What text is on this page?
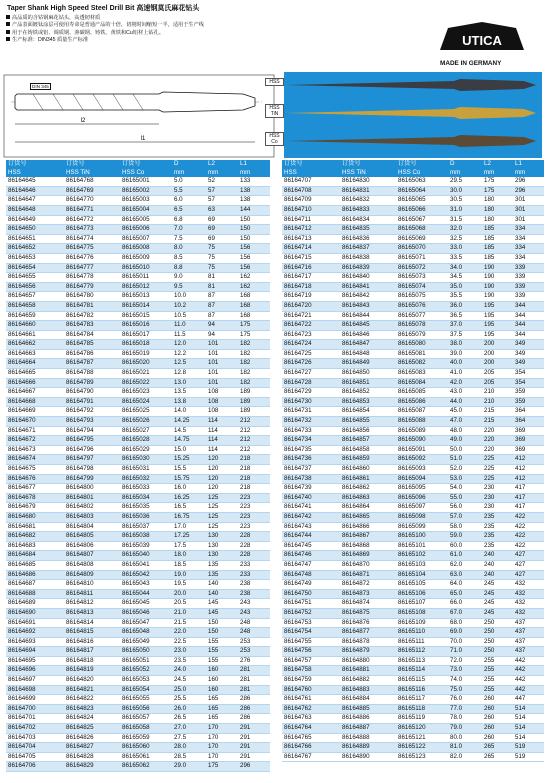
Taper Shank High Speed Steel Drill Bit 高速钢莫氏麻花钻头
高品质的含钴钢麻花钻头，高透韧材质
产品表面镀钛涂层可使用寿命是普通产品的十倍，切削时间缩短一半，适用于生产线
用于在铸铁或铝、调质钢、渗碳钢、铸铁、黄铁和Cu铝材上钻孔。
生产标准：DIN345 质量生产标准	UTICA
MADE IN GERMANY
l2
l1
DIN 345
HSS
HSS TiN
HSS Co
订货号	订货号	订货号	D	L2	L1
HSS	HSS TiN	HSS Co	mm	mm	mm
86164645	86164768	86165001	5.0	52	133
86164646	86164769	86165002	5.5	57	138
86164647	86164770	86165003	6.0	57	138
86164648	86164771	86165004	6.5	63	144
86164649	86164772	86165005	6.8	69	150
86164650	86164773	86165006	7.0	69	150
86164651	86164774	86165007	7.5	69	150
86164652	86164775	86165008	8.0	75	156
86164653	86164776	86165009	8.5	75	156
86164654	86164777	86165010	8.8	75	156
86164655	86164778	86165011	9.0	81	162
86164656	86164779	86165012	9.5	81	162
86164657	86164780	86165013	10.0	87	168
86164658	86164781	86165014	10.2	87	168
86164659	86164782	86165015	10.5	87	168
86164660	86164783	86165016	11.0	94	175
86164661	86164784	86165017	11.5	94	175
86164662	86164785	86165018	12.0	101	182
86164663	86164786	86165019	12.2	101	182
86164664	86164787	86165020	12.5	101	182
86164665	86164788	86165021	12.8	101	182
86164666	86164789	86165022	13.0	101	182
86164667	86164790	86165023	13.5	108	189
86164668	86164791	86165024	13.8	108	189
86164669	86164792	86165025	14.0	108	189
86164670	86164793	86165026	14.25	114	212
86164671	86164794	86165027	14.5	114	212
86164672	86164795	86165028	14.75	114	212
86164673	86164796	86165029	15.0	114	212
86164674	86164797	86165030	15.25	120	218
86164675	86164798	86165031	15.5	120	218
86164676	86164799	86165032	15.75	120	218
86164677	86164800	86165033	16.0	120	218
86164678	86164801	86165034	16.25	125	223
86164679	86164802	86165035	16.5	125	223
86164680	86164803	86165036	16.75	125	223
86164681	86164804	86165037	17.0	125	223
86164682	86164805	86165038	17.25	130	228
86164683	86164806	86165039	17.5	130	228
86164684	86164807	86165040	18.0	130	228
86164685	86164808	86165041	18.5	135	233
86164686	86164809	86165042	19.0	135	233
86164687	86164810	86165043	19.5	140	238
86164688	86164811	86165044	20.0	140	238
86164689	86164812	86165045	20.5	145	243
86164690	86164813	86165046	21.0	145	243
86164691	86164814	86165047	21.5	150	248
86164692	86164815	86165048	22.0	150	248
86164693	86164816	86165049	22.5	155	253
86164694	86164817	86165050	23.0	155	253
86164695	86164818	86165051	23.5	155	276
86164696	86164819	86165052	24.0	160	281
86164697	86164820	86165053	24.5	160	281
86164698	86164821	86165054	25.0	160	281
86164699	86164822	86165055	25.5	165	286
86164700	86164823	86165056	26.0	165	286
86164701	86164824	86165057	26.5	165	286
86164702	86164825	86165058	27.0	170	291
86164703	86164826	86165059	27.5	170	291
86164704	86164827	86165060	28.0	170	291
86164705	86164828	86165061	28.5	170	291
86164706	86164829	86165062	29.0	175	296
订货号	订货号	订货号	D	L2	L1
HSS	HSS TiN	HSS Co	mm	mm	mm
86164707	86164830	86165063	29.5	175	296
86164708	86164831	86165064	30.0	175	296
86164709	86164832	86165065	30.5	180	301
86164710	86164833	86165066	31.0	180	301
86164711	86164834	86165067	31.5	180	301
86164712	86164835	86165068	32.0	185	334
86164713	86164836	86165069	32.5	185	334
86164714	86164837	86165070	33.0	185	334
86164715	86164838	86165071	33.5	185	334
86164716	86164839	86165072	34.0	190	339
86164717	86164840	86165073	34.5	190	339
86164718	86164841	86165074	35.0	190	339
86164719	86164842	86165075	35.5	190	339
86164720	86164843	86165076	36.0	195	344
86164721	86164844	86165077	36.5	195	344
86164722	86164845	86165078	37.0	195	344
86164723	86164846	86165079	37.5	195	344
86164724	86164847	86165080	38.0	200	349
86164725	86164848	86165081	39.0	200	349
86164726	86164849	86165082	40.0	200	349
86164727	86164850	86165083	41.0	205	354
86164728	86164851	86165084	42.0	205	354
86164729	86164852	86165085	43.0	210	359
86164730	86164853	86165086	44.0	210	359
86164731	86164854	86165087	45.0	215	364
86164732	86164855	86165088	47.0	215	364
86164733	86164856	86165089	48.0	220	369
86164734	86164857	86165090	49.0	220	369
86164735	86164858	86165091	50.0	220	369
86164736	86164859	86165092	51.0	225	412
86164737	86164860	86165093	52.0	225	412
86164738	86164861	86165094	53.0	225	412
86164739	86164862	86165095	54.0	230	417
86164740	86164863	86165096	55.0	230	417
86164741	86164864	86165097	56.0	230	417
86164742	86164865	86165098	57.0	235	422
86164743	86164866	86165099	58.0	235	422
86164744	86164867	86165100	59.0	235	422
86164745	86164868	86165101	60.0	235	422
86164746	86164869	86165102	61.0	240	427
86164747	86164870	86165103	62.0	240	427
86164748	86164871	86165104	63.0	240	427
86164749	86164872	86165105	64.0	245	432
86164750	86164873	86165106	65.0	245	432
86164751	86164874	86165107	66.0	245	432
86164752	86164875	86165108	67.0	245	432
86164753	86164876	86165109	68.0	250	437
86164754	86164877	86165110	69.0	250	437
86164755	86164878	86165111	70.0	250	437
86164756	86164879	86165112	71.0	250	437
86164757	86164880	86165113	72.0	255	442
86164758	86164881	86165114	73.0	255	442
86164759	86164882	86165115	74.0	255	442
86164760	86164883	86165116	75.0	255	442
86164761	86164884	86165117	76.0	260	447
86164762	86164885	86165118	77.0	260	514
86164763	86164886	86165119	78.0	260	514
86164764	86164887	86165120	79.0	260	514
86164765	86164888	86165121	80.0	260	514
86164766	86164889	86165122	81.0	265	519
86164767	86164890	86165123	82.0	265	519
